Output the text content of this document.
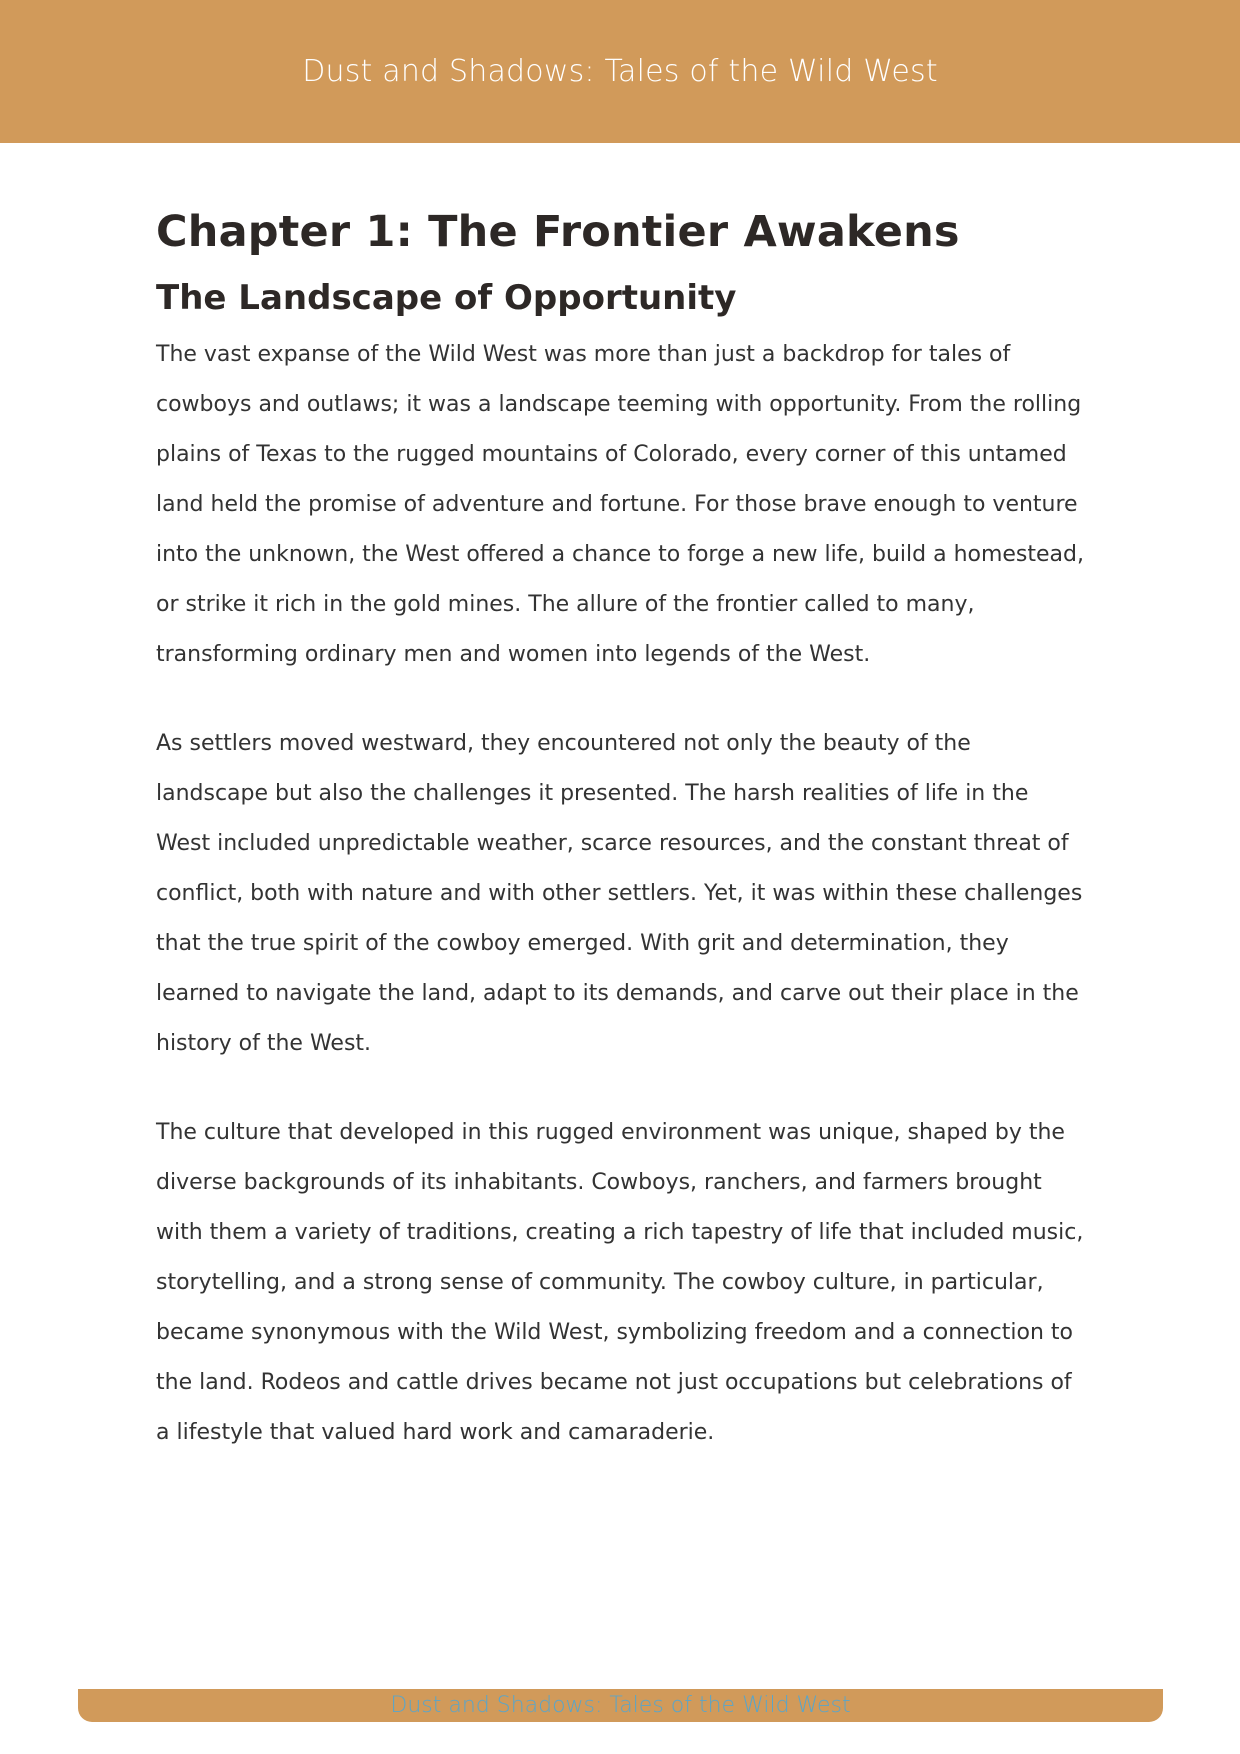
Dust and Shadows: Tales of the Wild West
Chapter 1: The Frontier Awakens
The Landscape of Opportunity

The vast expanse of the Wild West was more than just a backdrop for tales of cowboys and outlaws; it was a landscape teeming with opportunity. From the rolling plains of Texas to the rugged mountains of Colorado, every corner of this untamed land held the promise of adventure and fortune. For those brave enough to venture into the unknown, the West offered a chance to forge a new life, build a homestead, or strike it rich in the gold mines. The allure of the frontier called to many, transforming ordinary men and women into legends of the West.

As settlers moved westward, they encountered not only the beauty of the landscape but also the challenges it presented. The harsh realities of life in the West included unpredictable weather, scarce resources, and the constant threat of conflict, both with nature and with other settlers. Yet, it was within these challenges that the true spirit of the cowboy emerged. With grit and determination, they learned to navigate the land, adapt to its demands, and carve out their place in the history of the West.

The culture that developed in this rugged environment was unique, shaped by the diverse backgrounds of its inhabitants. Cowboys, ranchers, and farmers brought with them a variety of traditions, creating a rich tapestry of life that included music, storytelling, and a strong sense of community. The cowboy culture, in particular, became synonymous with the Wild West, symbolizing freedom and a connection to the land. Rodeos and cattle drives became not just occupations but celebrations of a lifestyle that valued hard work and camaraderie.

Dust and Shadows: Tales of the Wild West
